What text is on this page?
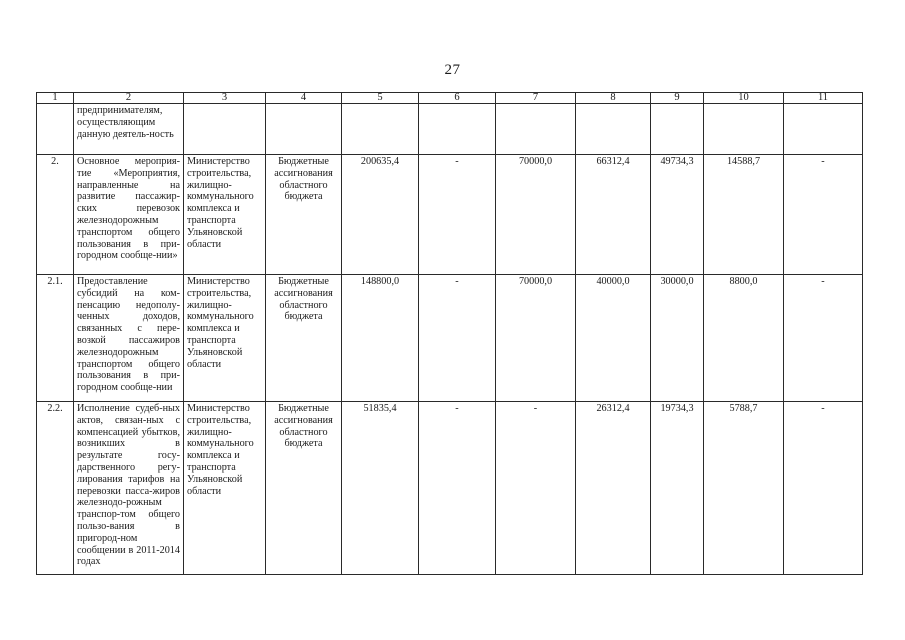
27
1	2	3	4	5	6	7	8	9	10	11
	предпринимателям, осуществляющим данную деятель-ность									
2.	Основное мероприя-тие «Мероприятия, направленные на развитие пассажир-ских перевозок железнодорожным транспортом общего пользования в при-городном сообще-нии»	Министерство строительства, жилищно-коммунального комплекса и транспорта Ульяновской области	Бюджетные ассигнования областного бюджета	200635,4	-	70000,0	66312,4	49734,3	14588,7	-
2.1.	Предоставление субсидий на ком-пенсацию недополу-ченных доходов, связанных с пере-возкой пассажиров железнодорожным транспортом общего пользования в при-городном сообще-нии	Министерство строительства, жилищно-коммунального комплекса и транспорта Ульяновской области	Бюджетные ассигнования областного бюджета	148800,0	-	70000,0	40000,0	30000,0	8800,0	-
2.2.	Исполнение судеб-ных актов, связан-ных с компенсацией убытков, возникших в результате госу-дарственного регу-лирования тарифов на перевозки пасса-жиров железнодо-рожным транспор-том общего пользо-вания в пригород-ном сообщении в 2011-2014 годах	Министерство строительства, жилищно-коммунального комплекса и транспорта Ульяновской области	Бюджетные ассигнования областного бюджета	51835,4	-	-	26312,4	19734,3	5788,7	-
